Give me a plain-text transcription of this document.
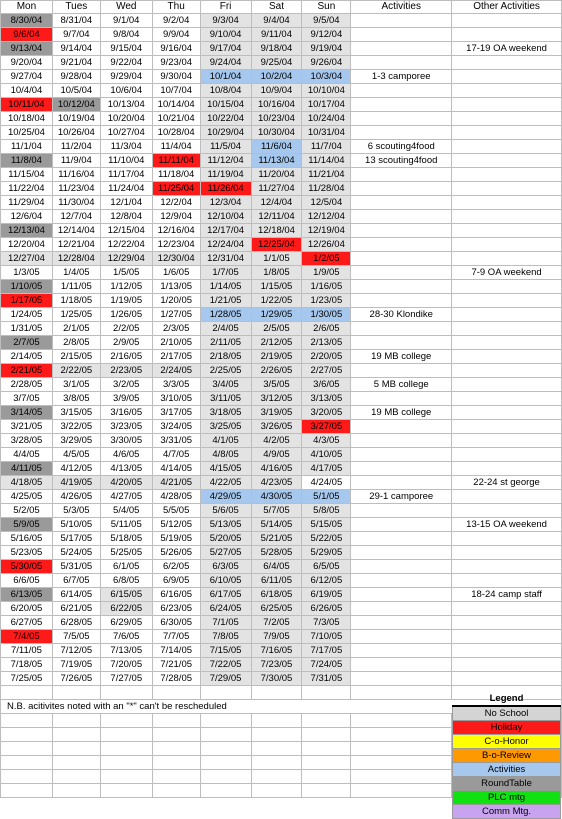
Mon	Tues	Wed	Thu	Fri	Sat	Sun	Activities	Other Activities
8/30/04	8/31/04	9/1/04	9/2/04	9/3/04	9/4/04	9/5/04		
9/6/04	9/7/04	9/8/04	9/9/04	9/10/04	9/11/04	9/12/04		
9/13/04	9/14/04	9/15/04	9/16/04	9/17/04	9/18/04	9/19/04		17-19 OA weekend
9/20/04	9/21/04	9/22/04	9/23/04	9/24/04	9/25/04	9/26/04		
9/27/04	9/28/04	9/29/04	9/30/04	10/1/04	10/2/04	10/3/04	1-3 camporee	
10/4/04	10/5/04	10/6/04	10/7/04	10/8/04	10/9/04	10/10/04		
10/11/04	10/12/04	10/13/04	10/14/04	10/15/04	10/16/04	10/17/04		
10/18/04	10/19/04	10/20/04	10/21/04	10/22/04	10/23/04	10/24/04		
10/25/04	10/26/04	10/27/04	10/28/04	10/29/04	10/30/04	10/31/04		
11/1/04	11/2/04	11/3/04	11/4/04	11/5/04	11/6/04	11/7/04	6 scouting4food	
11/8/04	11/9/04	11/10/04	11/11/04	11/12/04	11/13/04	11/14/04	13 scouting4food	
11/15/04	11/16/04	11/17/04	11/18/04	11/19/04	11/20/04	11/21/04		
11/22/04	11/23/04	11/24/04	11/25/04	11/26/04	11/27/04	11/28/04		
11/29/04	11/30/04	12/1/04	12/2/04	12/3/04	12/4/04	12/5/04		
12/6/04	12/7/04	12/8/04	12/9/04	12/10/04	12/11/04	12/12/04		
12/13/04	12/14/04	12/15/04	12/16/04	12/17/04	12/18/04	12/19/04		
12/20/04	12/21/04	12/22/04	12/23/04	12/24/04	12/25/04	12/26/04		
12/27/04	12/28/04	12/29/04	12/30/04	12/31/04	1/1/05	1/2/05		
1/3/05	1/4/05	1/5/05	1/6/05	1/7/05	1/8/05	1/9/05		7-9 OA weekend
1/10/05	1/11/05	1/12/05	1/13/05	1/14/05	1/15/05	1/16/05		
1/17/05	1/18/05	1/19/05	1/20/05	1/21/05	1/22/05	1/23/05		
1/24/05	1/25/05	1/26/05	1/27/05	1/28/05	1/29/05	1/30/05	28-30 Klondike	
1/31/05	2/1/05	2/2/05	2/3/05	2/4/05	2/5/05	2/6/05		
2/7/05	2/8/05	2/9/05	2/10/05	2/11/05	2/12/05	2/13/05		
2/14/05	2/15/05	2/16/05	2/17/05	2/18/05	2/19/05	2/20/05	19 MB college	
2/21/05	2/22/05	2/23/05	2/24/05	2/25/05	2/26/05	2/27/05		
2/28/05	3/1/05	3/2/05	3/3/05	3/4/05	3/5/05	3/6/05	5 MB college	
3/7/05	3/8/05	3/9/05	3/10/05	3/11/05	3/12/05	3/13/05		
3/14/05	3/15/05	3/16/05	3/17/05	3/18/05	3/19/05	3/20/05	19 MB college	
3/21/05	3/22/05	3/23/05	3/24/05	3/25/05	3/26/05	3/27/05		
3/28/05	3/29/05	3/30/05	3/31/05	4/1/05	4/2/05	4/3/05		
4/4/05	4/5/05	4/6/05	4/7/05	4/8/05	4/9/05	4/10/05		
4/11/05	4/12/05	4/13/05	4/14/05	4/15/05	4/16/05	4/17/05		
4/18/05	4/19/05	4/20/05	4/21/05	4/22/05	4/23/05	4/24/05		22-24 st george
4/25/05	4/26/05	4/27/05	4/28/05	4/29/05	4/30/05	5/1/05	29-1 camporee	
5/2/05	5/3/05	5/4/05	5/5/05	5/6/05	5/7/05	5/8/05		
5/9/05	5/10/05	5/11/05	5/12/05	5/13/05	5/14/05	5/15/05		13-15 OA weekend
5/16/05	5/17/05	5/18/05	5/19/05	5/20/05	5/21/05	5/22/05		
5/23/05	5/24/05	5/25/05	5/26/05	5/27/05	5/28/05	5/29/05		
5/30/05	5/31/05	6/1/05	6/2/05	6/3/05	6/4/05	6/5/05		
6/6/05	6/7/05	6/8/05	6/9/05	6/10/05	6/11/05	6/12/05		
6/13/05	6/14/05	6/15/05	6/16/05	6/17/05	6/18/05	6/19/05		18-24 camp staff
6/20/05	6/21/05	6/22/05	6/23/05	6/24/05	6/25/05	6/26/05		
6/27/05	6/28/05	6/29/05	6/30/05	7/1/05	7/2/05	7/3/05		
7/4/05	7/5/05	7/6/05	7/7/05	7/8/05	7/9/05	7/10/05		
7/11/05	7/12/05	7/13/05	7/14/05	7/15/05	7/16/05	7/17/05		
7/18/05	7/19/05	7/20/05	7/21/05	7/22/05	7/23/05	7/24/05		
7/25/05	7/26/05	7/27/05	7/28/05	7/29/05	7/30/05	7/31/05		

N.B. acitivites noted with an "*" can't be rescheduled								

Legend
No School
Holiday
C-o-Honor
B-o-Review
Activities
RoundTable
PLC mtg
Comm Mtg.
